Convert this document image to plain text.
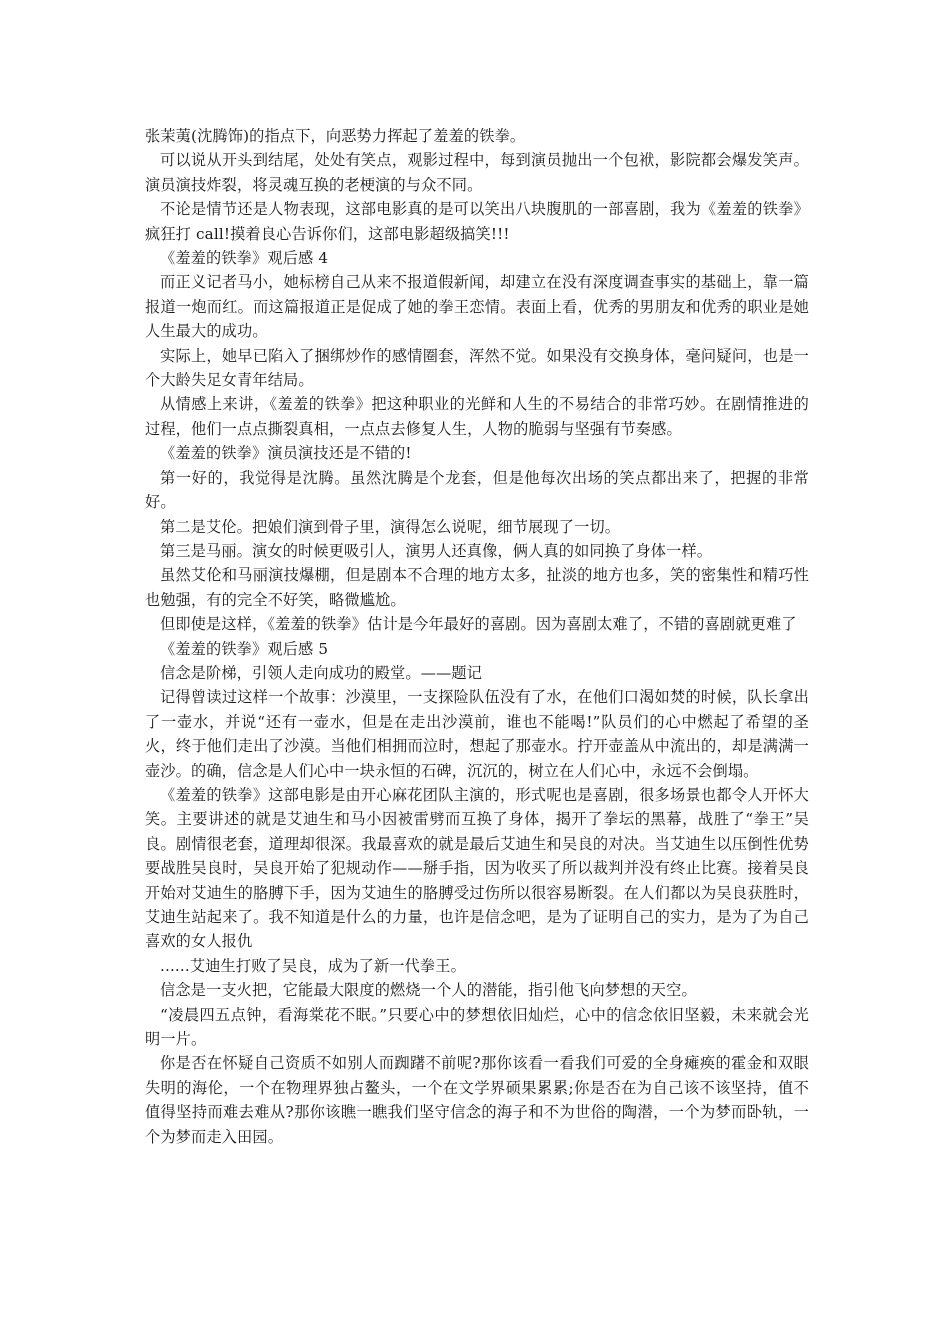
张茉荑(沈腾饰)的指点下，向恶势力挥起了羞羞的铁拳。

可以说从开头到结尾，处处有笑点，观影过程中，每到演员抛出一个包袱，影院都会爆发笑声。演员演技炸裂，将灵魂互换的老梗演的与众不同。

不论是情节还是人物表现，这部电影真的是可以笑出八块腹肌的一部喜剧，我为《羞羞的铁拳》疯狂打 call!摸着良心告诉你们，这部电影超级搞笑!!!

《羞羞的铁拳》观后感 4

而正义记者马小，她标榜自己从来不报道假新闻，却建立在没有深度调查事实的基础上，靠一篇报道一炮而红。而这篇报道正是促成了她的拳王恋情。表面上看，优秀的男朋友和优秀的职业是她人生最大的成功。

实际上，她早已陷入了捆绑炒作的感情圈套，浑然不觉。如果没有交换身体，毫问疑问，也是一个大龄失足女青年结局。

从情感上来讲，《羞羞的铁拳》把这种职业的光鲜和人生的不易结合的非常巧妙。在剧情推进的过程，他们一点点撕裂真相，一点点去修复人生，人物的脆弱与坚强有节奏感。

《羞羞的铁拳》演员演技还是不错的!

第一好的，我觉得是沈腾。虽然沈腾是个龙套，但是他每次出场的笑点都出来了，把握的非常好。

第二是艾伦。把娘们演到骨子里，演得怎么说呢，细节展现了一切。

第三是马丽。演女的时候更吸引人，演男人还真像，俩人真的如同换了身体一样。

虽然艾伦和马丽演技爆棚，但是剧本不合理的地方太多，扯淡的地方也多，笑的密集性和精巧性也勉强，有的完全不好笑，略微尴尬。

但即使是这样，《羞羞的铁拳》估计是今年最好的喜剧。因为喜剧太难了，不错的喜剧就更难了

《羞羞的铁拳》观后感 5

信念是阶梯，引领人走向成功的殿堂。——题记

记得曾读过这样一个故事：沙漠里，一支探险队伍没有了水，在他们口渴如焚的时候，队长拿出了一壶水，并说“还有一壶水，但是在走出沙漠前，谁也不能喝!”队员们的心中燃起了希望的圣火，终于他们走出了沙漠。当他们相拥而泣时，想起了那壶水。拧开壶盖从中流出的，却是满满一壶沙。的确，信念是人们心中一块永恒的石碑，沉沉的，树立在人们心中，永远不会倒塌。

《羞羞的铁拳》这部电影是由开心麻花团队主演的，形式呢也是喜剧，很多场景也都令人开怀大笑。主要讲述的就是艾迪生和马小因被雷劈而互换了身体，揭开了拳坛的黑幕，战胜了“拳王”吴良。剧情很老套，道理却很深。我最喜欢的就是最后艾迪生和吴良的对决。当艾迪生以压倒性优势要战胜吴良时，吴良开始了犯规动作——掰手指，因为收买了所以裁判并没有终止比赛。接着吴良开始对艾迪生的胳膊下手，因为艾迪生的胳膊受过伤所以很容易断裂。在人们都以为吴良获胜时，艾迪生站起来了。我不知道是什么的力量，也许是信念吧，是为了证明自己的实力，是为了为自己喜欢的女人报仇

......艾迪生打败了吴良，成为了新一代拳王。

信念是一支火把，它能最大限度的燃烧一个人的潜能，指引他飞向梦想的天空。

“凌晨四五点钟，看海棠花不眠。”只要心中的梦想依旧灿烂，心中的信念依旧坚毅，未来就会光明一片。

你是否在怀疑自己资质不如别人而踟躇不前呢?那你该看一看我们可爱的全身瘫痪的霍金和双眼失明的海伦，一个在物理界独占鳌头，一个在文学界硕果累累;你是否在为自己该不该坚持，值不值得坚持而难去难从?那你该瞧一瞧我们坚守信念的海子和不为世俗的陶潜，一个为梦而卧轨，一个为梦而走入田园。
